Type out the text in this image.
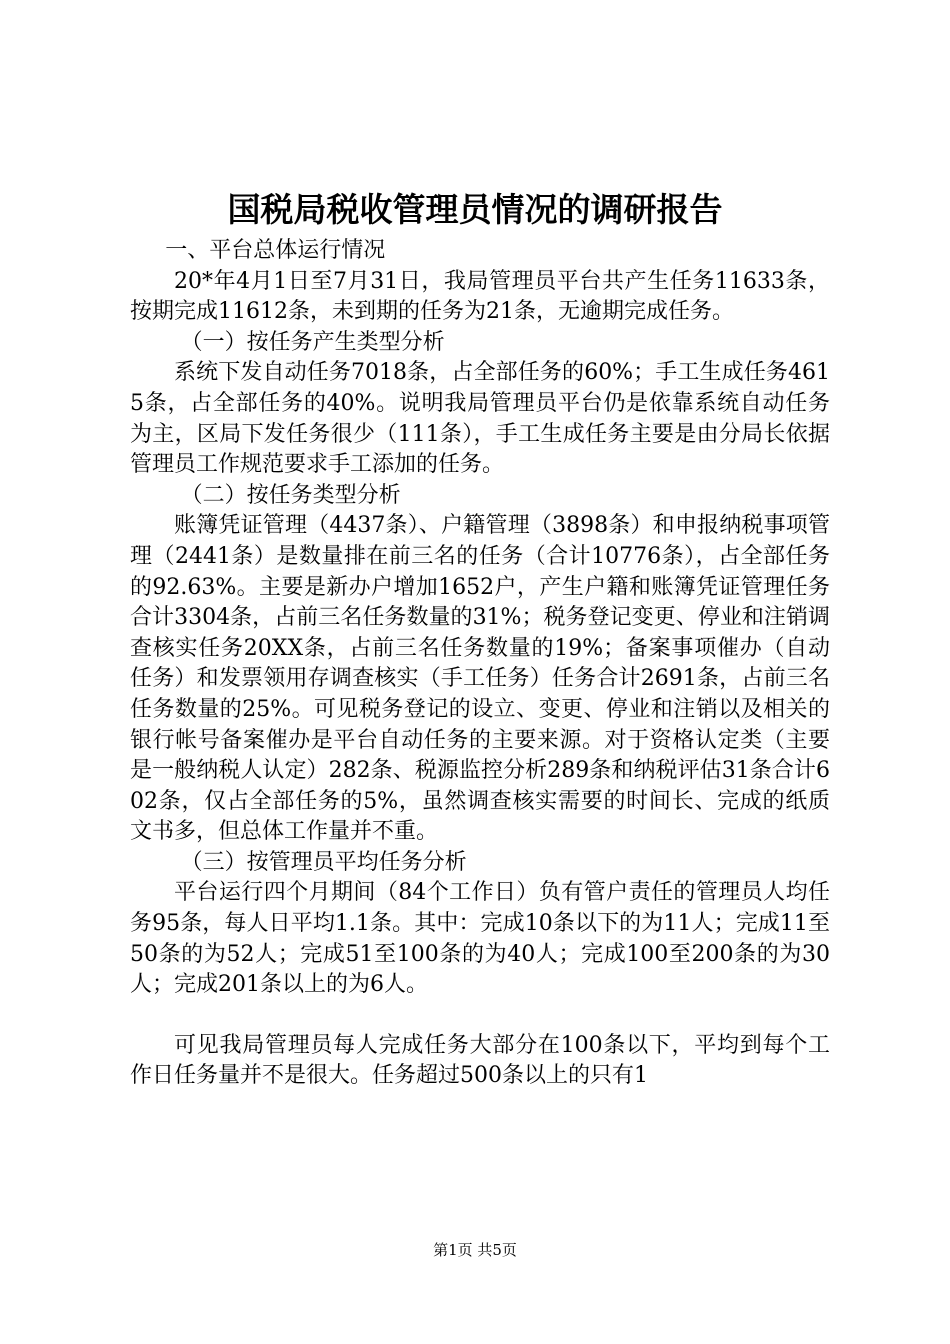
国税局税收管理员情况的调研报告

一、平台总体运行情况

20*年4月1日至7月31日，我局管理员平台共产生任务11633条，按期完成11612条，未到期的任务为21条，无逾期完成任务。

（一）按任务产生类型分析

系统下发自动任务7018条，占全部任务的60%；手工生成任务4615条，占全部任务的40%。说明我局管理员平台仍是依靠系统自动任务为主，区局下发任务很少（111条），手工生成任务主要是由分局长依据管理员工作规范要求手工添加的任务。

（二）按任务类型分析

账簿凭证管理（4437条）、户籍管理（3898条）和申报纳税事项管理（2441条）是数量排在前三名的任务（合计10776条），占全部任务的92.63%。主要是新办户增加1652户，产生户籍和账簿凭证管理任务合计3304条，占前三名任务数量的31%；税务登记变更、停业和注销调查核实任务20XX条，占前三名任务数量的19%；备案事项催办（自动任务）和发票领用存调查核实（手工任务）任务合计2691条，占前三名任务数量的25%。可见税务登记的设立、变更、停业和注销以及相关的银行帐号备案催办是平台自动任务的主要来源。对于资格认定类（主要是一般纳税人认定）282条、税源监控分析289条和纳税评估31条合计602条，仅占全部任务的5%，虽然调查核实需要的时间长、完成的纸质文书多，但总体工作量并不重。

（三）按管理员平均任务分析

平台运行四个月期间（84个工作日）负有管户责任的管理员人均任务95条，每人日平均1.1条。其中：完成10条以下的为11人；完成11至50条的为52人；完成51至100条的为40人；完成100至200条的为30人；完成201条以上的为6人。

可见我局管理员每人完成任务大部分在100条以下，平均到每个工作日任务量并不是很大。任务超过500条以上的只有1

第1页 共5页
